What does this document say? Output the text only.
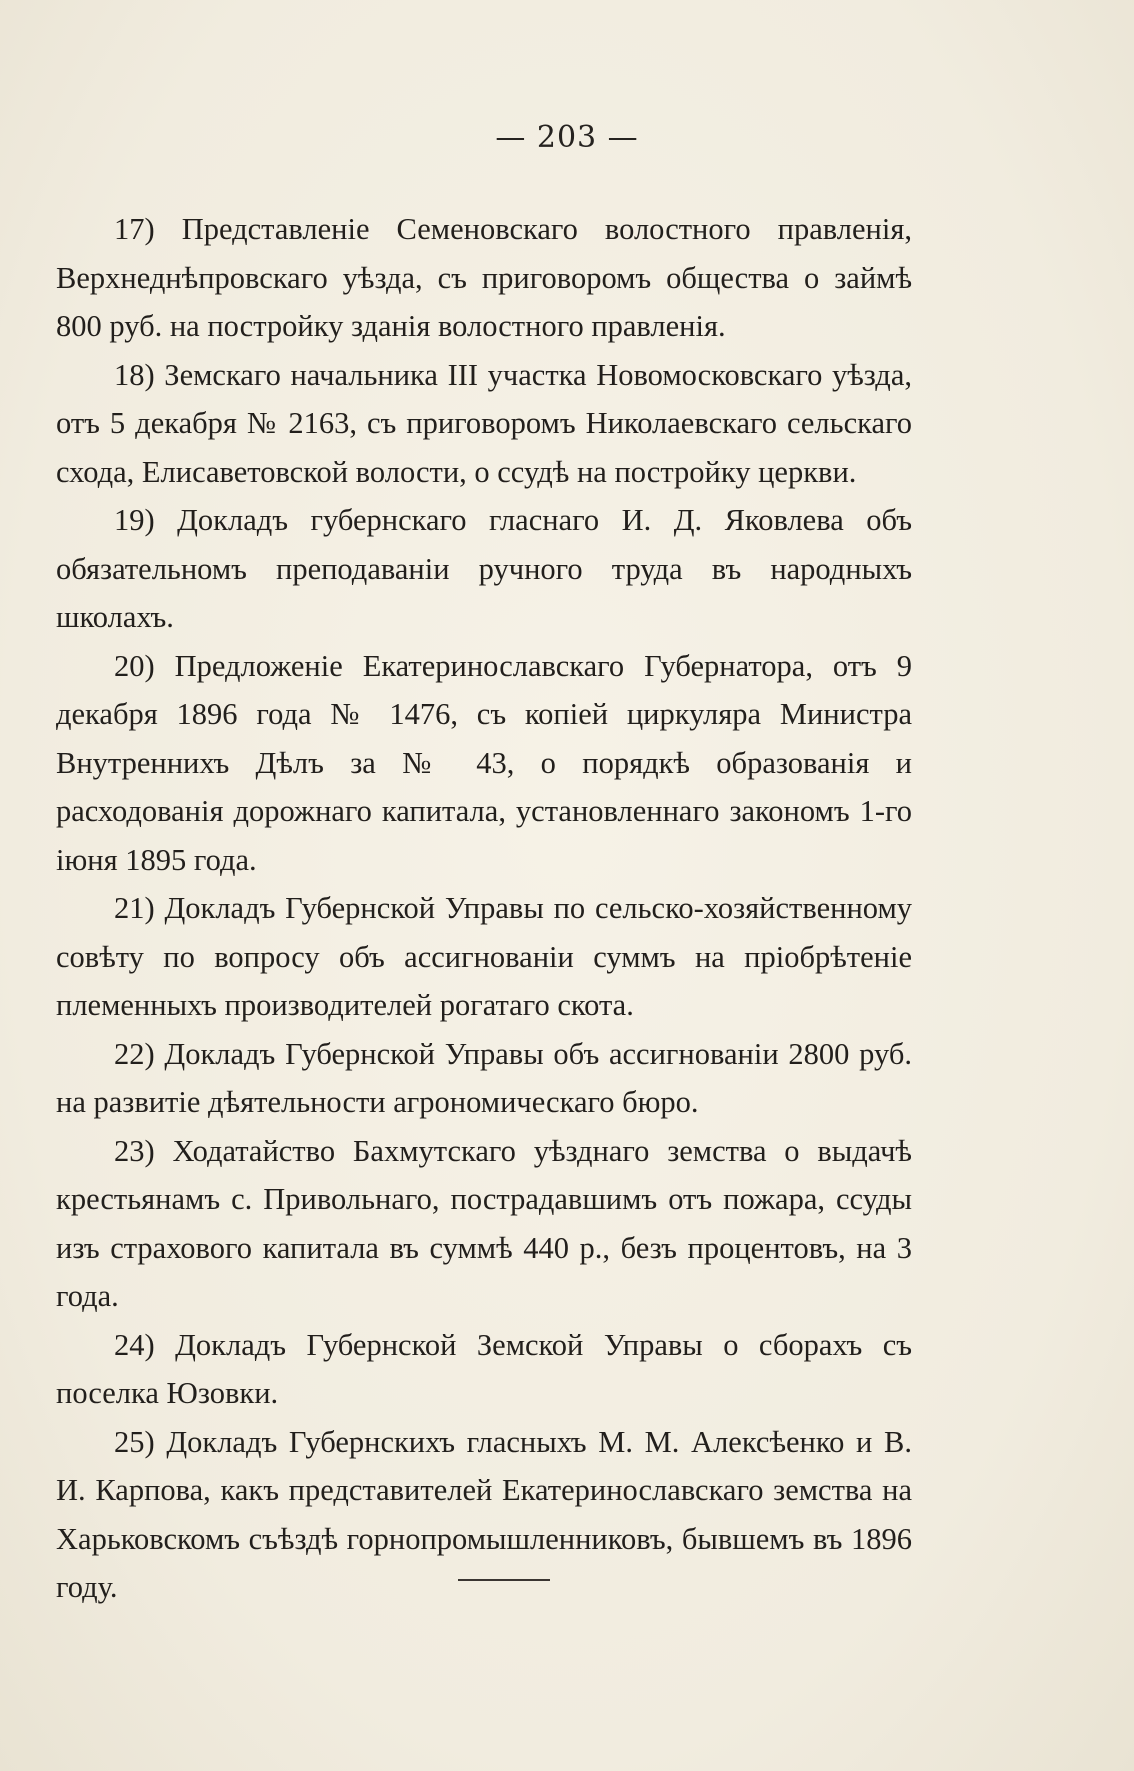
— 203 —

17) Представленіе Семеновскаго волостного правленія, Верхнеднѣпровскаго уѣзда, съ приговоромъ общества о займѣ 800 руб. на постройку зданія волостного правленія.

18) Земскаго начальника III участка Новомосковскаго уѣзда, отъ 5 декабря № 2163, съ приговоромъ Николаевскаго сельскаго схода, Елисаветовской волости, о ссудѣ на постройку церкви.

19) Докладъ губернскаго гласнаго И. Д. Яковлева объ обязательномъ преподаваніи ручного труда въ народныхъ школахъ.

20) Предложеніе Екатеринославскаго Губернатора, отъ 9 декабря 1896 года № 1476, съ копіей циркуляра Министра Внутреннихъ Дѣлъ за № 43, о порядкѣ образованія и расходованія дорожнаго капитала, установленнаго закономъ 1-го іюня 1895 года.

21) Докладъ Губернской Управы по сельско-хозяйственному совѣту по вопросу объ ассигнованіи суммъ на пріобрѣтеніе племенныхъ производителей рогатаго скота.

22) Докладъ Губернской Управы объ ассигнованіи 2800 руб. на развитіе дѣятельности агрономическаго бюро.

23) Ходатайство Бахмутскаго уѣзднаго земства о выдачѣ крестьянамъ с. Привольнаго, пострадавшимъ отъ пожара, ссуды изъ страхового капитала въ суммѣ 440 р., безъ процентовъ, на 3 года.

24) Докладъ Губернской Земской Управы о сборахъ съ поселка Юзовки.

25) Докладъ Губернскихъ гласныхъ М. М. Алексѣенко и В. И. Карпова, какъ представителей Екатеринославскаго земства на Харьковскомъ съѣздѣ горнопромышленниковъ, бывшемъ въ 1896 году.
